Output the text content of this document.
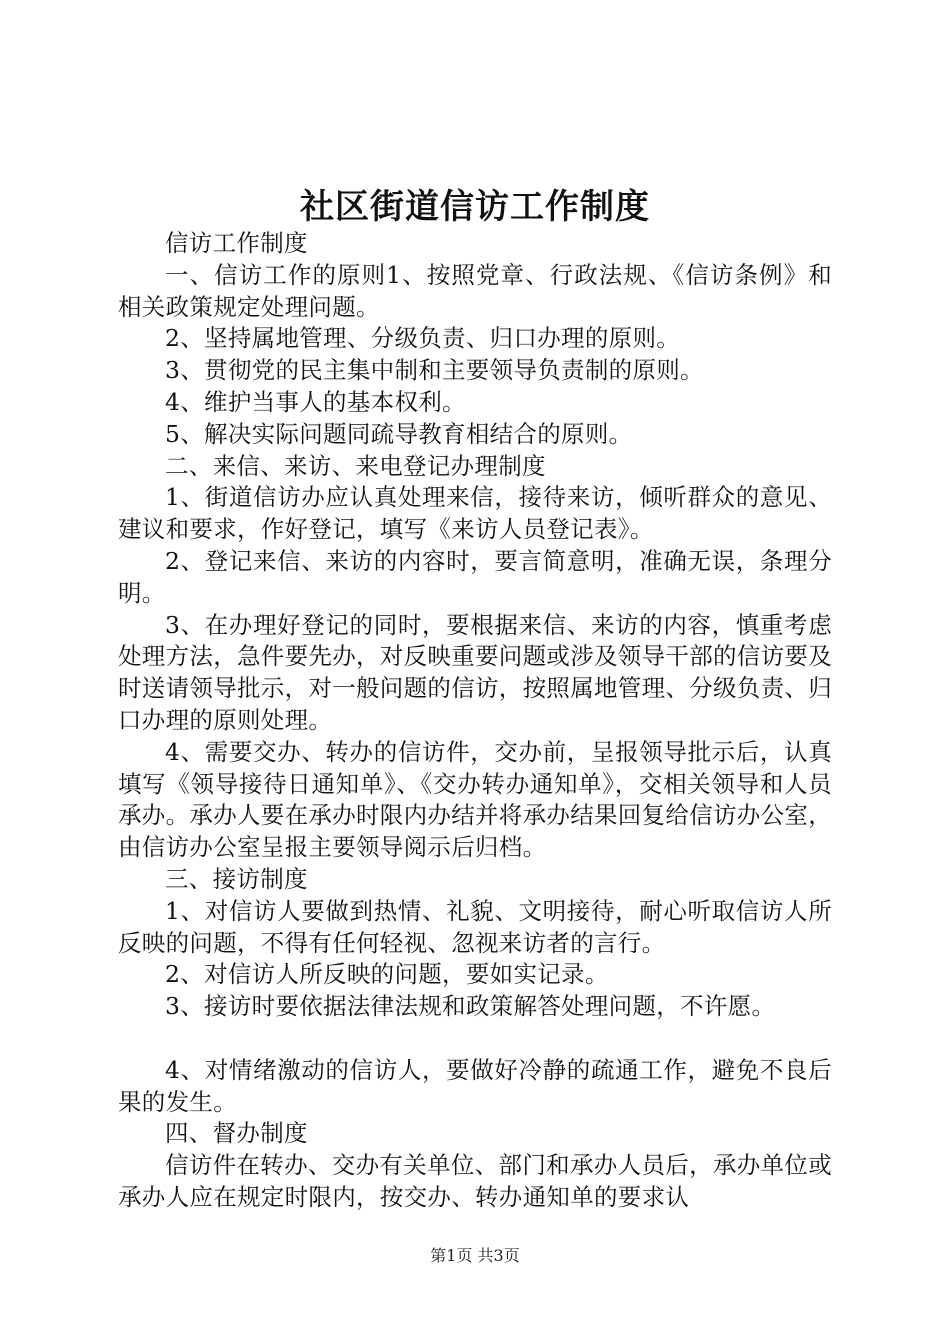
社区街道信访工作制度

信访工作制度

一、信访工作的原则1、按照党章、行政法规、《信访条例》和相关政策规定处理问题。

2、坚持属地管理、分级负责、归口办理的原则。

3、贯彻党的民主集中制和主要领导负责制的原则。

4、维护当事人的基本权利。

5、解决实际问题同疏导教育相结合的原则。

二、来信、来访、来电登记办理制度

1、街道信访办应认真处理来信，接待来访，倾听群众的意见、建议和要求，作好登记，填写《来访人员登记表》。

2、登记来信、来访的内容时，要言简意明，准确无误，条理分明。

3、在办理好登记的同时，要根据来信、来访的内容，慎重考虑处理方法，急件要先办，对反映重要问题或涉及领导干部的信访要及时送请领导批示，对一般问题的信访，按照属地管理、分级负责、归口办理的原则处理。

4、需要交办、转办的信访件，交办前，呈报领导批示后，认真填写《领导接待日通知单》、《交办转办通知单》，交相关领导和人员承办。承办人要在承办时限内办结并将承办结果回复给信访办公室，由信访办公室呈报主要领导阅示后归档。

三、接访制度

1、对信访人要做到热情、礼貌、文明接待，耐心听取信访人所反映的问题，不得有任何轻视、忽视来访者的言行。

2、对信访人所反映的问题，要如实记录。

3、接访时要依据法律法规和政策解答处理问题，不许愿。

4、对情绪激动的信访人，要做好冷静的疏通工作，避免不良后果的发生。

四、督办制度

信访件在转办、交办有关单位、部门和承办人员后，承办单位或承办人应在规定时限内，按交办、转办通知单的要求认

第1页 共3页
